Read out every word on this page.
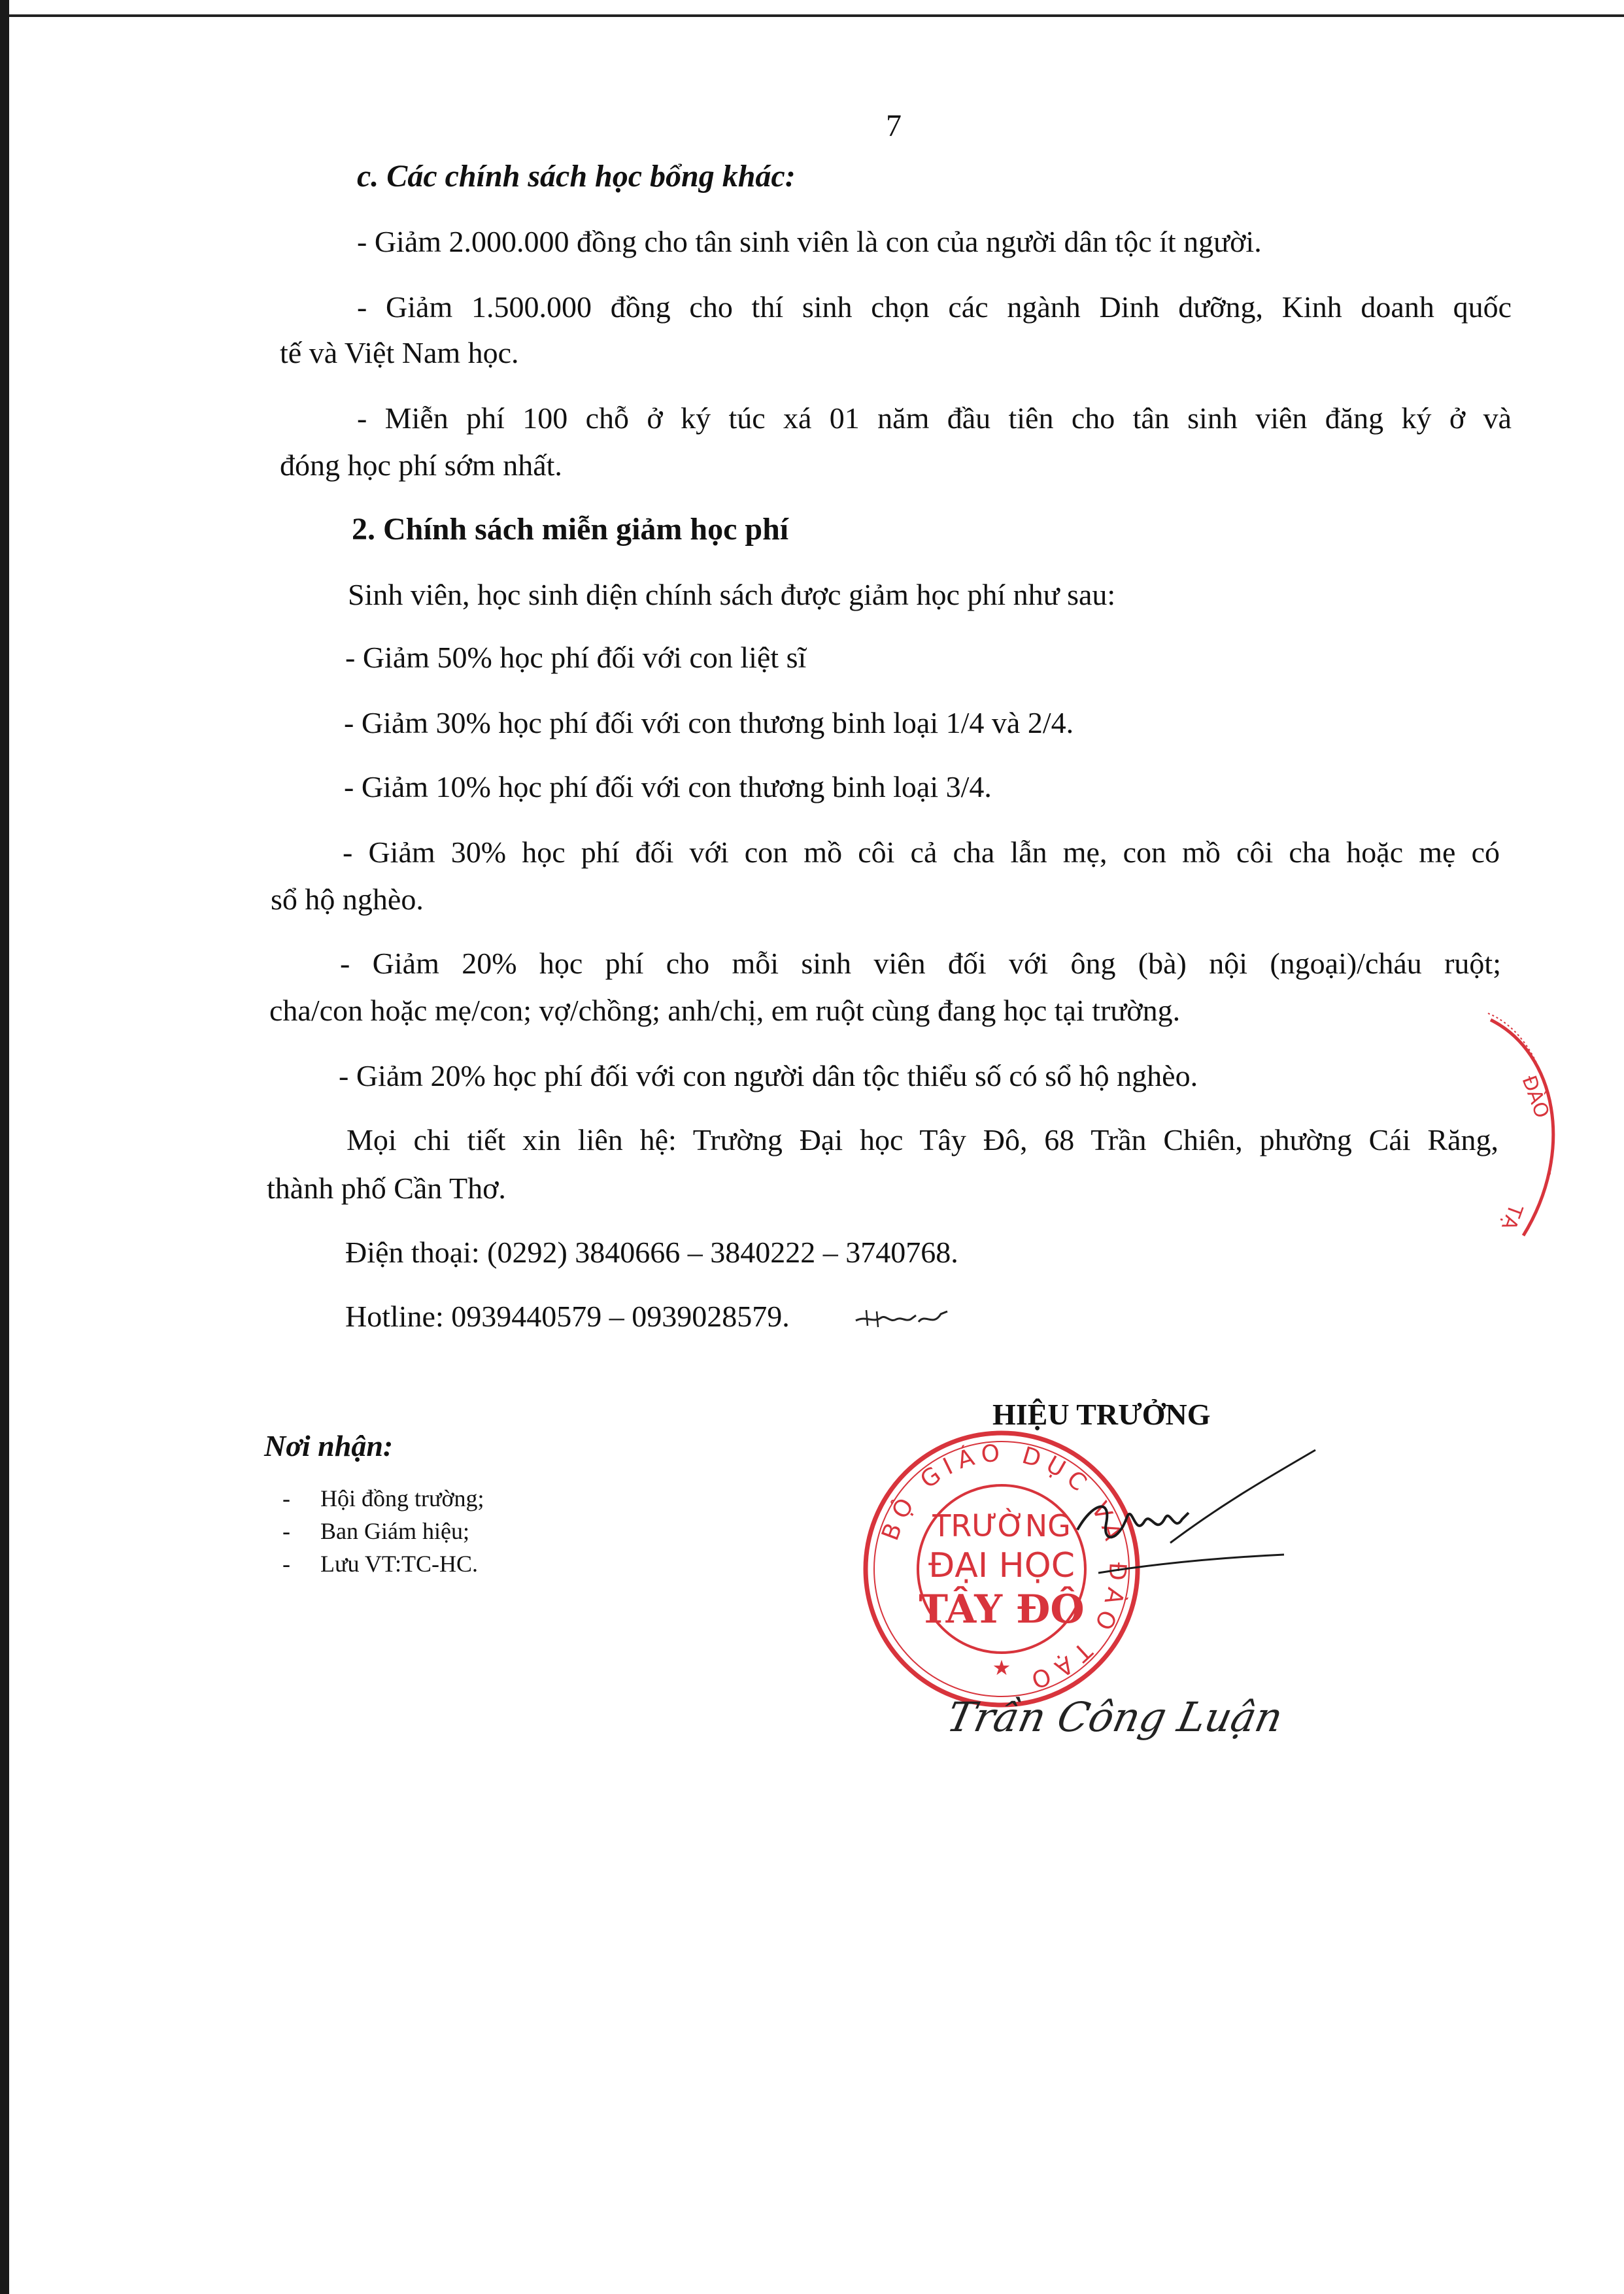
7
c. Các chính sách học bổng khác:
- Giảm 2.000.000 đồng cho tân sinh viên là con của người dân tộc ít người.
- Giảm 1.500.000 đồng cho thí sinh chọn các ngành Dinh dưỡng, Kinh doanh quốc
tế và Việt Nam học.
- Miễn phí 100 chỗ ở ký túc xá 01 năm đầu tiên cho tân sinh viên đăng ký ở và
đóng học phí sớm nhất.
2. Chính sách miễn giảm học phí
Sinh viên, học sinh diện chính sách được giảm học phí như sau:
- Giảm 50% học phí đối với con liệt sĩ
- Giảm 30% học phí đối với con thương binh loại 1/4 và 2/4.
- Giảm 10% học phí đối với con thương binh loại 3/4.
- Giảm 30% học phí đối với con mồ côi cả cha lẫn mẹ, con mồ côi cha hoặc mẹ có
sổ hộ nghèo.
- Giảm 20% học phí cho mỗi sinh viên đối với ông (bà) nội (ngoại)/cháu ruột;
cha/con hoặc mẹ/con; vợ/chồng; anh/chị, em ruột cùng đang học tại trường.
- Giảm 20% học phí đối với con người dân tộc thiểu số có sổ hộ nghèo.
Mọi chi tiết xin liên hệ: Trường Đại học Tây Đô, 68 Trần Chiên, phường Cái Răng,
thành phố Cần Thơ.
Điện thoại: (0292) 3840666 – 3840222 – 3740768.
Hotline: 0939440579 – 0939028579.
Nơi nhận:
- Hội đồng trường;
- Ban Giám hiệu;
- Lưu VT:TC-HC.
HIỆU TRƯỞNG
ĐÀO
TẠ
BỘ GIÁO DỤC VÀ ĐÀO TẠO
TRƯỜNG
ĐẠI HỌC
TÂY ĐÔ
★
Trần Công Luận
